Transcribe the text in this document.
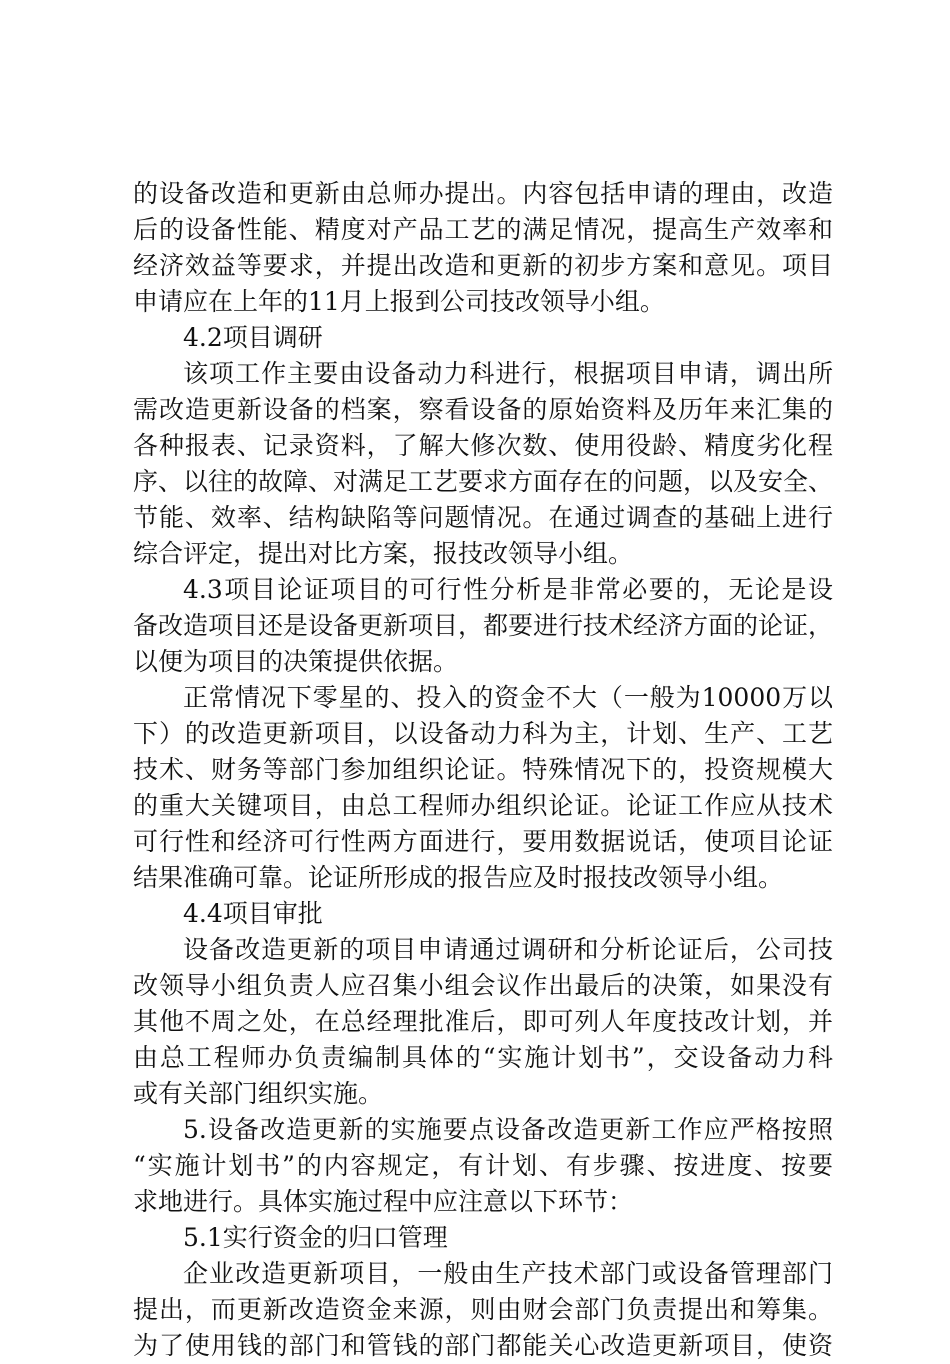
的设备改造和更新由总师办提出。内容包括申请的理由，改造
后的设备性能、精度对产品工艺的满足情况，提高生产效率和
经济效益等要求，并提出改造和更新的初步方案和意见。项目
申请应在上年的11月上报到公司技改领导小组。
4.2项目调研
该项工作主要由设备动力科进行，根据项目申请，调出所
需改造更新设备的档案，察看设备的原始资料及历年来汇集的
各种报表、记录资料，了解大修次数、使用役龄、精度劣化程
序、以往的故障、对满足工艺要求方面存在的问题，以及安全、
节能、效率、结构缺陷等问题情况。在通过调查的基础上进行
综合评定，提出对比方案，报技改领导小组。
4.3项目论证项目的可行性分析是非常必要的，无论是设
备改造项目还是设备更新项目，都要进行技术经济方面的论证，
以便为项目的决策提供依据。
正常情况下零星的、投入的资金不大（一般为10000万以
下）的改造更新项目，以设备动力科为主，计划、生产、工艺
技术、财务等部门参加组织论证。特殊情况下的，投资规模大
的重大关键项目，由总工程师办组织论证。论证工作应从技术
可行性和经济可行性两方面进行，要用数据说话，使项目论证
结果准确可靠。论证所形成的报告应及时报技改领导小组。
4.4项目审批
设备改造更新的项目申请通过调研和分析论证后，公司技
改领导小组负责人应召集小组会议作出最后的决策，如果没有
其他不周之处，在总经理批准后，即可列人年度技改计划，并
由总工程师办负责编制具体的“实施计划书”，交设备动力科
或有关部门组织实施。
5.设备改造更新的实施要点设备改造更新工作应严格按照
“实施计划书”的内容规定，有计划、有步骤、按进度、按要
求地进行。具体实施过程中应注意以下环节：
5.1实行资金的归口管理
企业改造更新项目，一般由生产技术部门或设备管理部门
提出，而更新改造资金来源，则由财会部门负责提出和筹集。
为了使用钱的部门和管钱的部门都能关心改造更新项目，使资
